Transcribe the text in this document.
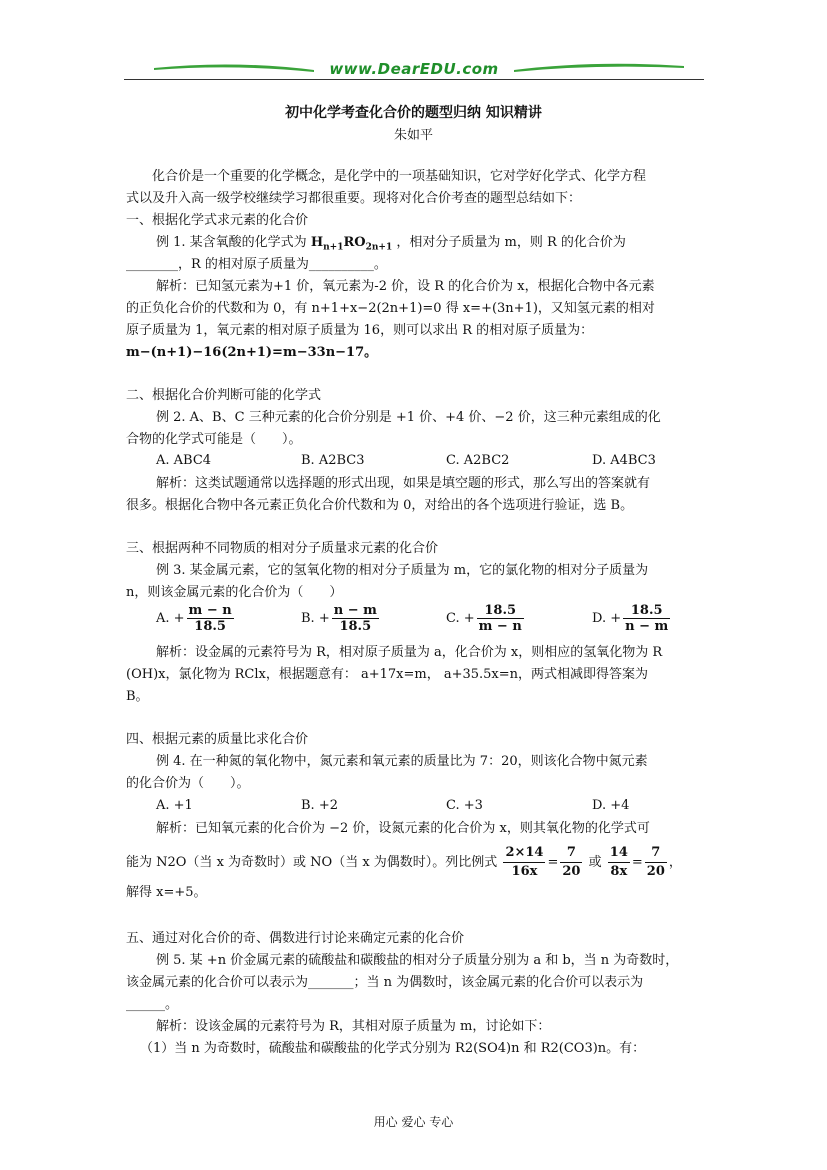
www.DearEDU.com
初中化学考查化合价的题型归纳 知识精讲
朱如平
化合价是一个重要的化学概念，是化学中的一项基础知识，它对学好化学式、化学方程
式以及升入高一级学校继续学习都很重要。现将对化合价考查的题型总结如下：
一、根据化学式求元素的化合价
例 1. 某含氧酸的化学式为 $H_{n+1}RO_{2n+1}$ ，相对分子质量为 m，则 R 的化合价为
________，R 的相对原子质量为__________。
解析：已知氢元素为+1 价，氧元素为-2 价，设 R 的化合价为 x，根据化合物中各元素
的正负化合价的代数和为 0，有 n+1+x−2(2n+1)=0 得 x=+(3n+1)，又知氢元素的相对
原子质量为 1，氧元素的相对原子质量为 16，则可以求出 R 的相对原子质量为：
m−(n+1)−16(2n+1)=m−33n−17。
二、根据化合价判断可能的化学式
例 2. A、B、C 三种元素的化合价分别是 +1 价、+4 价、−2 价，这三种元素组成的化
合物的化学式可能是（　　）。
A. ABC4	B. A2BC3	C. A2BC2	D. A4BC3
解析：这类试题通常以选择题的形式出现，如果是填空题的形式，那么写出的答案就有
很多。根据化合物中各元素正负化合价代数和为 0，对给出的各个选项进行验证，选 B。
三、根据两种不同物质的相对分子质量求元素的化合价
例 3. 某金属元素，它的氢氧化物的相对分子质量为 m，它的氯化物的相对分子质量为
n，则该金属元素的化合价为（　　）
A. + $\frac{m - n}{18.5}$	B. + $\frac{n - m}{18.5}$	C. + $\frac{18.5}{m - n}$	D. + $\frac{18.5}{n - m}$
解析：设金属的元素符号为 R，相对原子质量为 a，化合价为 x，则相应的氢氧化物为 R
(OH)x，氯化物为 RClx，根据题意有： a+17x=m， a+35.5x=n，两式相减即得答案为
B。
四、根据元素的质量比求化合价
例 4. 在一种氮的氧化物中，氮元素和氧元素的质量比为 7：20，则该化合物中氮元素
的化合价为（　　）。
A. +1	B. +2	C. +3	D. +4
解析：已知氧元素的化合价为 −2 价，设氮元素的化合价为 x，则其氧化物的化学式可
能为 N2O（当 x 为奇数时）或 NO（当 x 为偶数时）。列比例式 $\frac{2\times 14}{16x} = \frac{7}{20}$ 或 $\frac{14}{8x} = \frac{7}{20}$ ，
解得 x=+5。
五、通过对化合价的奇、偶数进行讨论来确定元素的化合价
例 5. 某 +n 价金属元素的硫酸盐和碳酸盐的相对分子质量分别为 a 和 b，当 n 为奇数时，
该金属元素的化合价可以表示为_______；当 n 为偶数时，该金属元素的化合价可以表示为
______。
解析：设该金属的元素符号为 R，其相对原子质量为 m，讨论如下：
（1）当 n 为奇数时，硫酸盐和碳酸盐的化学式分别为 R2(SO4)n 和 R2(CO3)n。有：
用心 爱心 专心
